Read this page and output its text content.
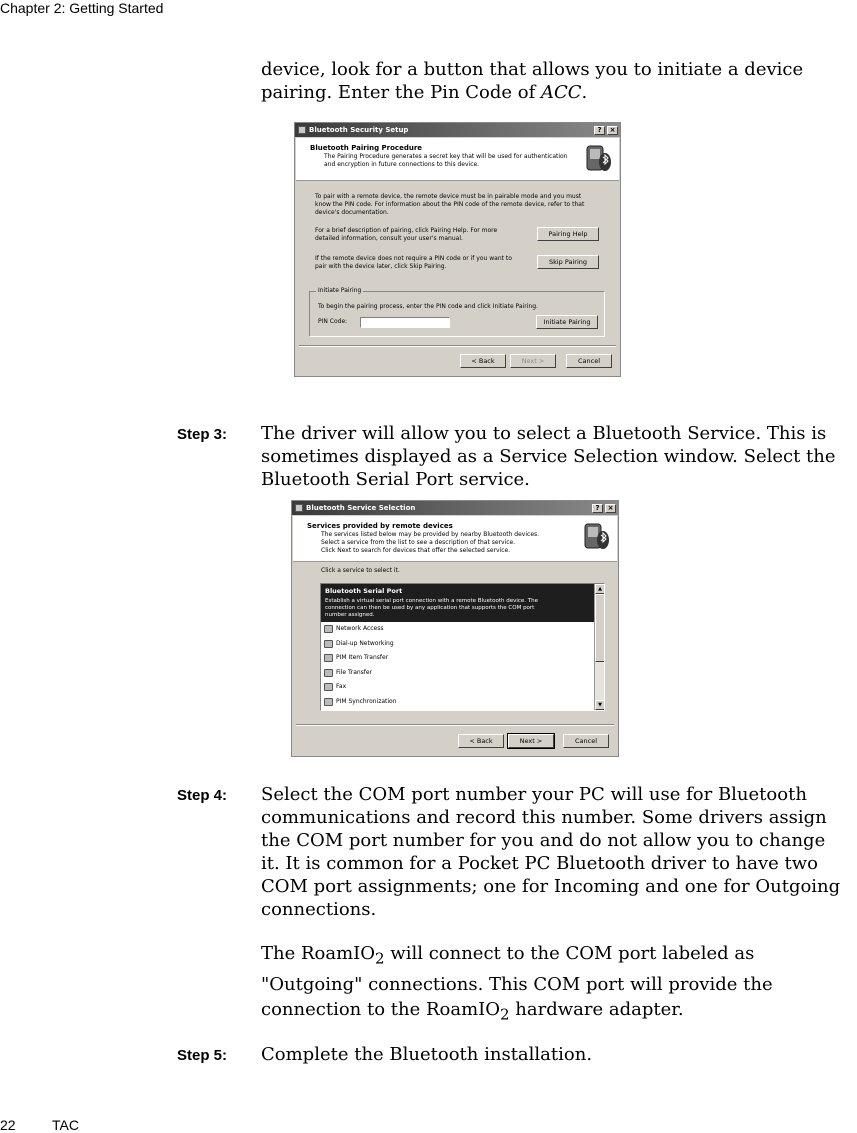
Chapter 2: Getting Started
device, look for a button that allows you to initiate a device
pairing. Enter the Pin Code of ACC.
Bluetooth Security Setup	?	×
Bluetooth Pairing Procedure
The Pairing Procedure generates a secret key that will be used for authentication
and encryption in future connections to this device.
To pair with a remote device, the remote device must be in pairable mode and you must
know the PIN code. For information about the PIN code of the remote device, refer to that
device's documentation.
For a brief description of pairing, click Pairing Help. For more
detailed information, consult your user's manual.
Pairing Help
If the remote device does not require a PIN code or if you want to
pair with the device later, click Skip Pairing.
Skip Pairing
Initiate Pairing
To begin the pairing process, enter the PIN code and click Initiate Pairing.
PIN Code:	Initiate Pairing
< Back	Next >	Cancel
Step 3: The driver will allow you to select a Bluetooth Service. This is
sometimes displayed as a Service Selection window. Select the
Bluetooth Serial Port service.
Bluetooth Service Selection	?	×
Services provided by remote devices
The services listed below may be provided by nearby Bluetooth devices.
Select a service from the list to see a description of that service.
Click Next to search for devices that offer the selected service.
Click a service to select it.
Bluetooth Serial Port
Establish a virtual serial port connection with a remote Bluetooth device. The
connection can then be used by any application that supports the COM port
number assigned.
Network Access
Dial-up Networking
PIM Item Transfer
File Transfer
Fax
PIM Synchronization
▲
▼
< Back	Next >	Cancel
Step 4: Select the COM port number your PC will use for Bluetooth
communications and record this number. Some drivers assign
the COM port number for you and do not allow you to change
it. It is common for a Pocket PC Bluetooth driver to have two
COM port assignments; one for Incoming and one for Outgoing
connections.
The RoamIO$_2$ will connect to the COM port labeled as
"Outgoing" connections. This COM port will provide the
connection to the RoamIO$_2$ hardware adapter.
Step 5: Complete the Bluetooth installation.
22	TAC
